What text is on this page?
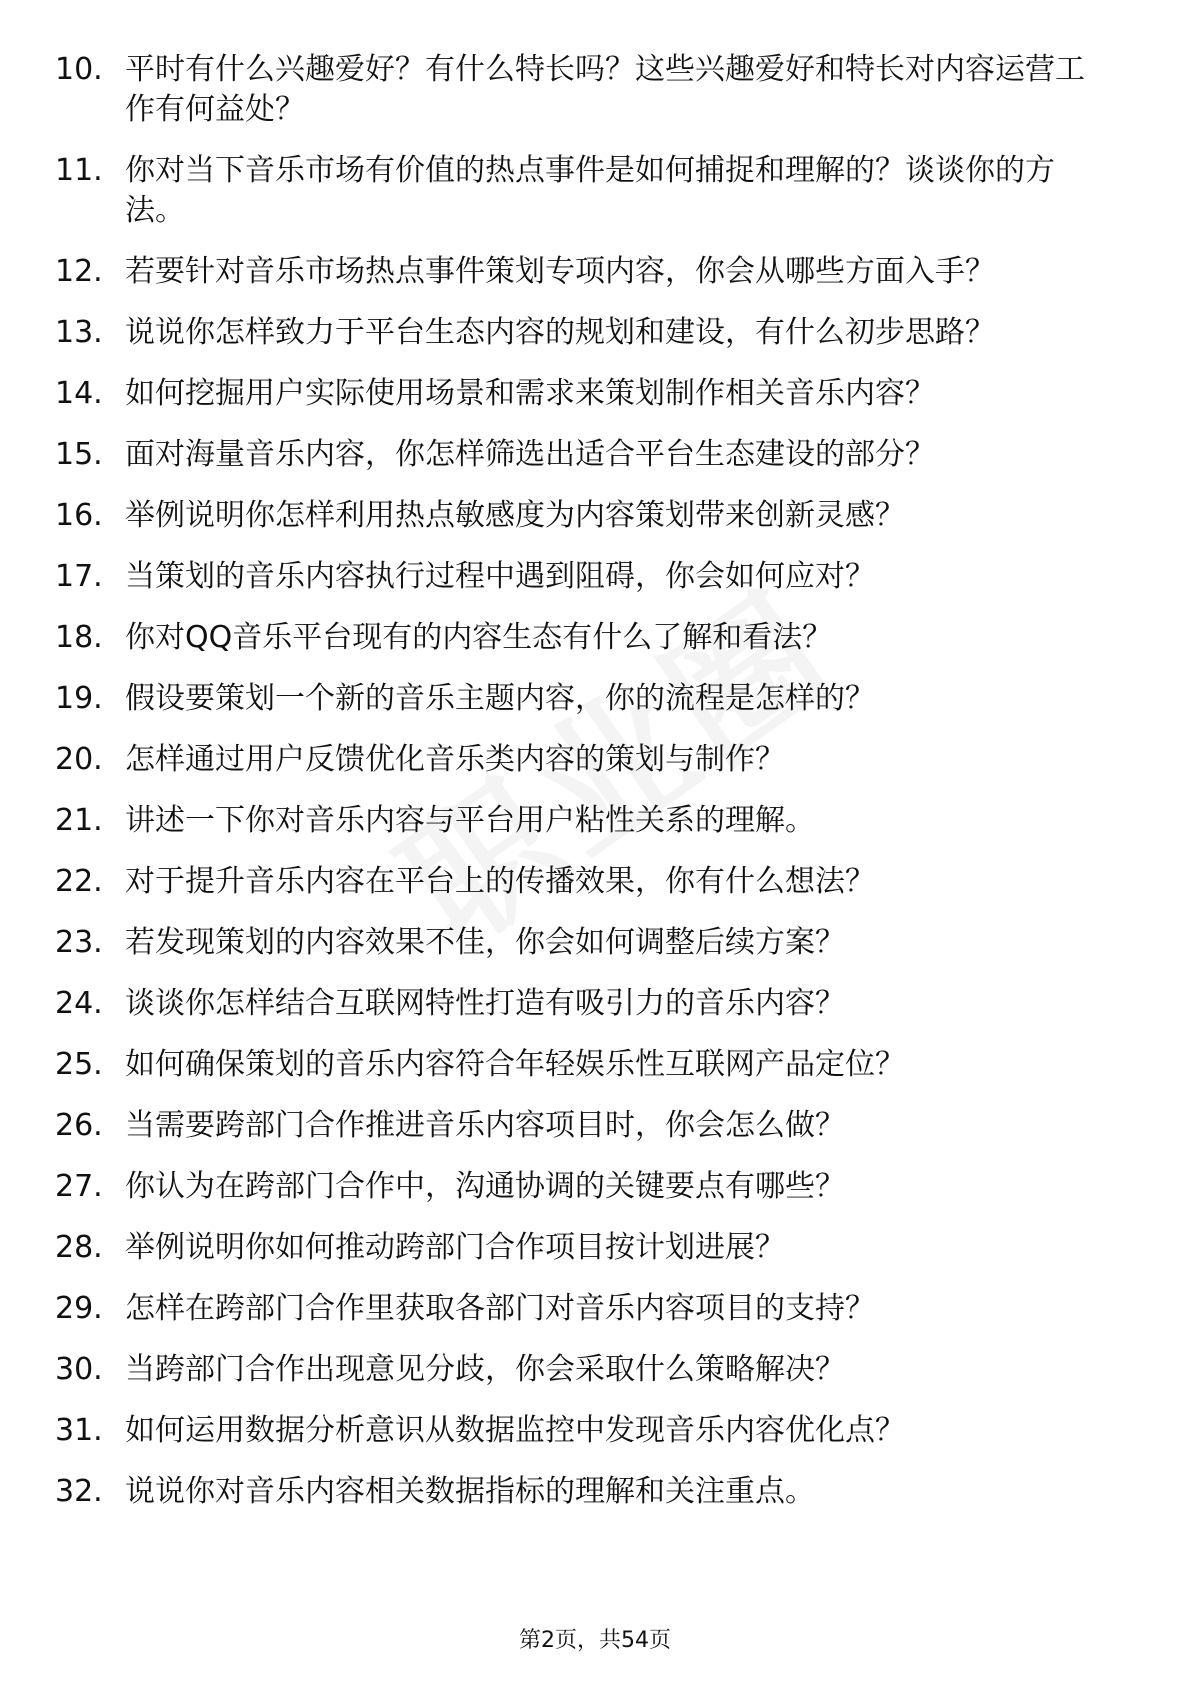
10. 平时有什么兴趣爱好？有什么特长吗？这些兴趣爱好和特长对内容运营工作有何益处？
11. 你对当下音乐市场有价值的热点事件是如何捕捉和理解的？谈谈你的方法。
12. 若要针对音乐市场热点事件策划专项内容，你会从哪些方面入手？
13. 说说你怎样致力于平台生态内容的规划和建设，有什么初步思路？
14. 如何挖掘用户实际使用场景和需求来策划制作相关音乐内容？
15. 面对海量音乐内容，你怎样筛选出适合平台生态建设的部分？
16. 举例说明你怎样利用热点敏感度为内容策划带来创新灵感？
17. 当策划的音乐内容执行过程中遇到阻碍，你会如何应对？
18. 你对QQ音乐平台现有的内容生态有什么了解和看法？
19. 假设要策划一个新的音乐主题内容，你的流程是怎样的？
20. 怎样通过用户反馈优化音乐类内容的策划与制作？
21. 讲述一下你对音乐内容与平台用户粘性关系的理解。
22. 对于提升音乐内容在平台上的传播效果，你有什么想法？
23. 若发现策划的内容效果不佳，你会如何调整后续方案？
24. 谈谈你怎样结合互联网特性打造有吸引力的音乐内容？
25. 如何确保策划的音乐内容符合年轻娱乐性互联网产品定位？
26. 当需要跨部门合作推进音乐内容项目时，你会怎么做？
27. 你认为在跨部门合作中，沟通协调的关键要点有哪些？
28. 举例说明你如何推动跨部门合作项目按计划进展？
29. 怎样在跨部门合作里获取各部门对音乐内容项目的支持？
30. 当跨部门合作出现意见分歧，你会采取什么策略解决？
31. 如何运用数据分析意识从数据监控中发现音乐内容优化点？
32. 说说你对音乐内容相关数据指标的理解和关注重点。
第2页，共54页
